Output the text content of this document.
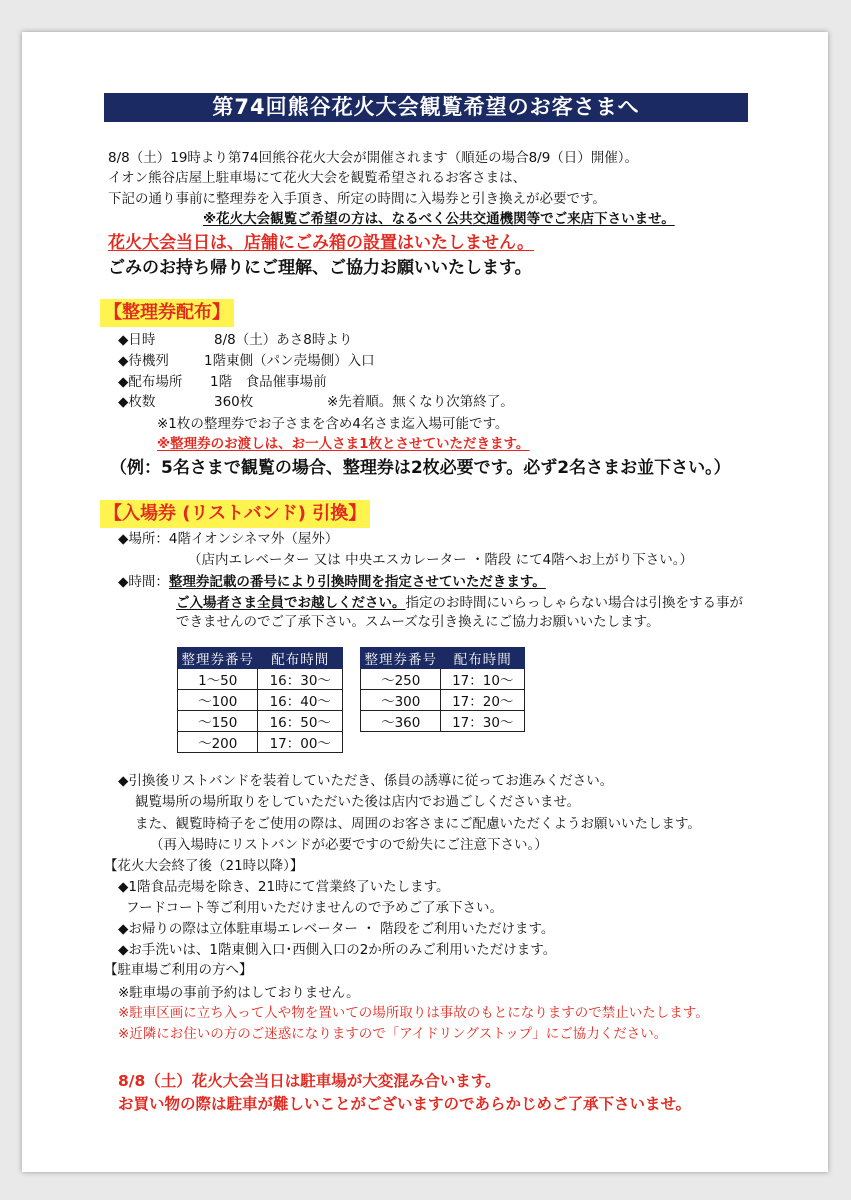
第74回熊谷花火大会観覧希望のお客さまへ
8/8（土）19時より第74回熊谷花火大会が開催されます（順延の場合8/9（日）開催）。
イオン熊谷店屋上駐車場にて花火大会を観覧希望されるお客さまは、
下記の通り事前に整理券を入手頂き、所定の時間に入場券と引き換えが必要です。
※花火大会観覧ご希望の方は、なるべく公共交通機関等でご来店下さいませ。
花火大会当日は、店舗にごみ箱の設置はいたしません。
ごみのお持ち帰りにご理解、ご協力お願いいたします。
【整理券配布】
◆日時	8/8（土）あさ8時より
◆待機列	1階東側（パン売場側）入口
◆配布場所 1階　食品催事場前
◆枚数	360枚	※先着順。無くなり次第終了。
※1枚の整理券でお子さまを含め4名さま迄入場可能です。
※整理券のお渡しは、お一人さま1枚とさせていただきます。
（例：5名さまで観覧の場合、整理券は2枚必要です。必ず2名さまお並下さい。）
【入場券 (リストバンド) 引換】
◆場所：4階イオンシネマ外（屋外）
（店内エレベーター 又は 中央エスカレーター ・階段 にて4階へお上がり下さい。）
◆時間：整理券記載の番号により引換時間を指定させていただきます。
ご入場者さま全員でお越しください。指定のお時間にいらっしゃらない場合は引換をする事が
できませんのでご了承下さい。スムーズな引き換えにご協力お願いいたします。
整理券番号	配布時間
1～50	16：30～
～100	16：40～
～150	16：50～
～200	17：00～
整理券番号	配布時間
～250	17：10～
～300	17：20～
～360	17：30～
◆引換後リストバンドを装着していただき、係員の誘導に従ってお進みください。
観覧場所の場所取りをしていただいた後は店内でお過ごしくださいませ。
また、観覧時椅子をご使用の際は、周囲のお客さまにご配慮いただくようお願いいたします。
（再入場時にリストバンドが必要ですので紛失にご注意下さい。）
【花火大会終了後（21時以降）】
◆1階食品売場を除き、21時にて営業終了いたします。
フードコート等ご利用いただけませんので予めご了承下さい。
◆お帰りの際は立体駐車場エレベーター ・ 階段をご利用いただけます。
◆お手洗いは、1階東側入口･西側入口の2か所のみご利用いただけます。
【駐車場ご利用の方へ】
※駐車場の事前予約はしておりません。
※駐車区画に立ち入って人や物を置いての場所取りは事故のもとになりますので禁止いたします。
※近隣にお住いの方のご迷惑になりますので「アイドリングストップ」にご協力ください。
8/8（土）花火大会当日は駐車場が大変混み合います。
お買い物の際は駐車が難しいことがございますのであらかじめご了承下さいませ。
